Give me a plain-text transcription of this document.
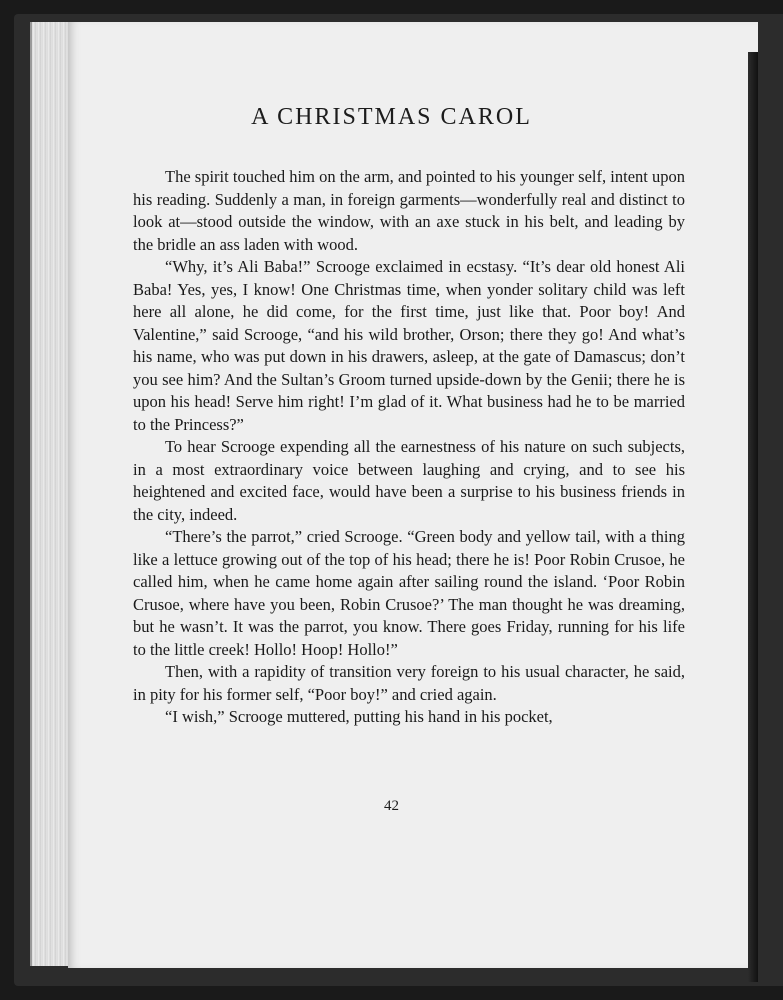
A CHRISTMAS CAROL

The spirit touched him on the arm, and pointed to his younger self, intent upon his reading. Suddenly a man, in foreign garments—wonderfully real and distinct to look at—stood outside the window, with an axe stuck in his belt, and leading by the bridle an ass laden with wood.

“Why, it’s Ali Baba!” Scrooge exclaimed in ecstasy. “It’s dear old honest Ali Baba! Yes, yes, I know! One Christmas time, when yonder solitary child was left here all alone, he did come, for the first time, just like that. Poor boy! And Valentine,” said Scrooge, “and his wild brother, Orson; there they go! And what’s his name, who was put down in his drawers, asleep, at the gate of Damascus; don’t you see him? And the Sultan’s Groom turned upside-down by the Genii; there he is upon his head! Serve him right! I’m glad of it. What business had he to be married to the Princess?”

To hear Scrooge expending all the earnestness of his nature on such subjects, in a most extraordinary voice between laughing and crying, and to see his heightened and excited face, would have been a surprise to his business friends in the city, indeed.

“There’s the parrot,” cried Scrooge. “Green body and yellow tail, with a thing like a lettuce growing out of the top of his head; there he is! Poor Robin Crusoe, he called him, when he came home again after sailing round the island. ‘Poor Robin Crusoe, where have you been, Robin Crusoe?’ The man thought he was dreaming, but he wasn’t. It was the parrot, you know. There goes Friday, running for his life to the little creek! Hollo! Hoop! Hollo!”

Then, with a rapidity of transition very foreign to his usual character, he said, in pity for his former self, “Poor boy!” and cried again.

“I wish,” Scrooge muttered, putting his hand in his pocket,

42
